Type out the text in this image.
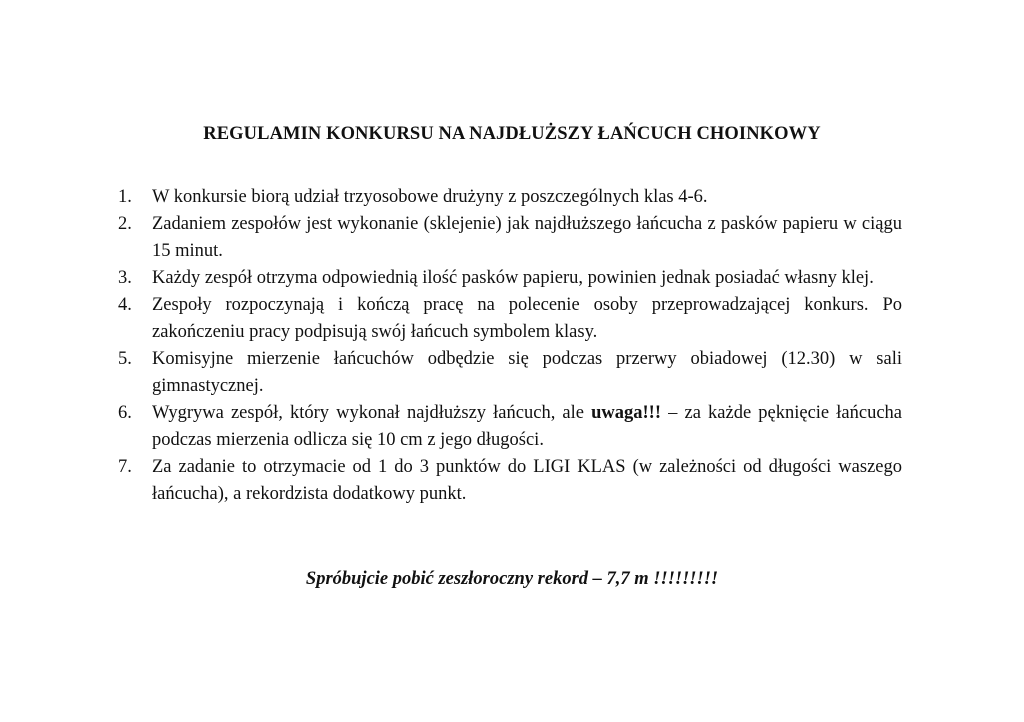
REGULAMIN KONKURSU NA NAJDŁUŻSZY ŁAŃCUCH CHOINKOWY
1. W konkursie biorą udział trzyosobowe drużyny z poszczególnych klas 4-6.
2. Zadaniem zespołów jest wykonanie (sklejenie) jak najdłuższego łańcucha z pasków papieru w ciągu 15 minut.
3. Każdy zespół otrzyma odpowiednią ilość pasków papieru, powinien jednak posiadać własny klej.
4. Zespoły rozpoczynają i kończą pracę na polecenie osoby przeprowadzającej konkurs. Po zakończeniu pracy podpisują swój łańcuch symbolem klasy.
5. Komisyjne mierzenie łańcuchów odbędzie się podczas przerwy obiadowej (12.30) w sali gimnastycznej.
6. Wygrywa zespół, który wykonał najdłuższy łańcuch, ale uwaga!!! – za każde pęknięcie łańcucha podczas mierzenia odlicza się 10 cm z jego długości.
7. Za zadanie to otrzymacie od 1 do 3 punktów do LIGI KLAS (w zależności od długości waszego łańcucha), a rekordzista dodatkowy punkt.
Spróbujcie pobić zeszłoroczny rekord – 7,7 m !!!!!!!!!
